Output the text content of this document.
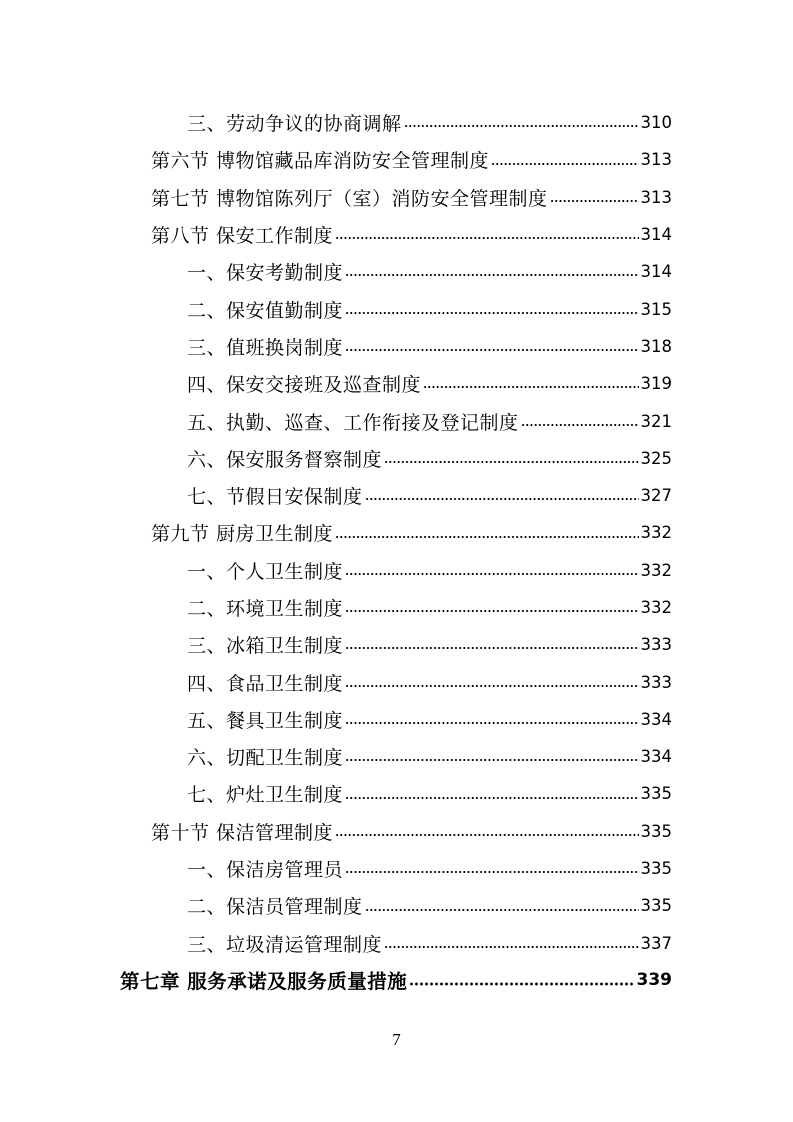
三、劳动争议的协商调解	310
第六节 博物馆藏品库消防安全管理制度	313
第七节 博物馆陈列厅（室）消防安全管理制度	313
第八节 保安工作制度	314
一、保安考勤制度	314
二、保安值勤制度	315
三、值班换岗制度	318
四、保安交接班及巡查制度	319
五、执勤、巡查、工作衔接及登记制度	321
六、保安服务督察制度	325
七、节假日安保制度	327
第九节 厨房卫生制度	332
一、个人卫生制度	332
二、环境卫生制度	332
三、冰箱卫生制度	333
四、食品卫生制度	333
五、餐具卫生制度	334
六、切配卫生制度	334
七、炉灶卫生制度	335
第十节 保洁管理制度	335
一、保洁房管理员	335
二、保洁员管理制度	335
三、垃圾清运管理制度	337
第七章 服务承诺及服务质量措施	339
7
